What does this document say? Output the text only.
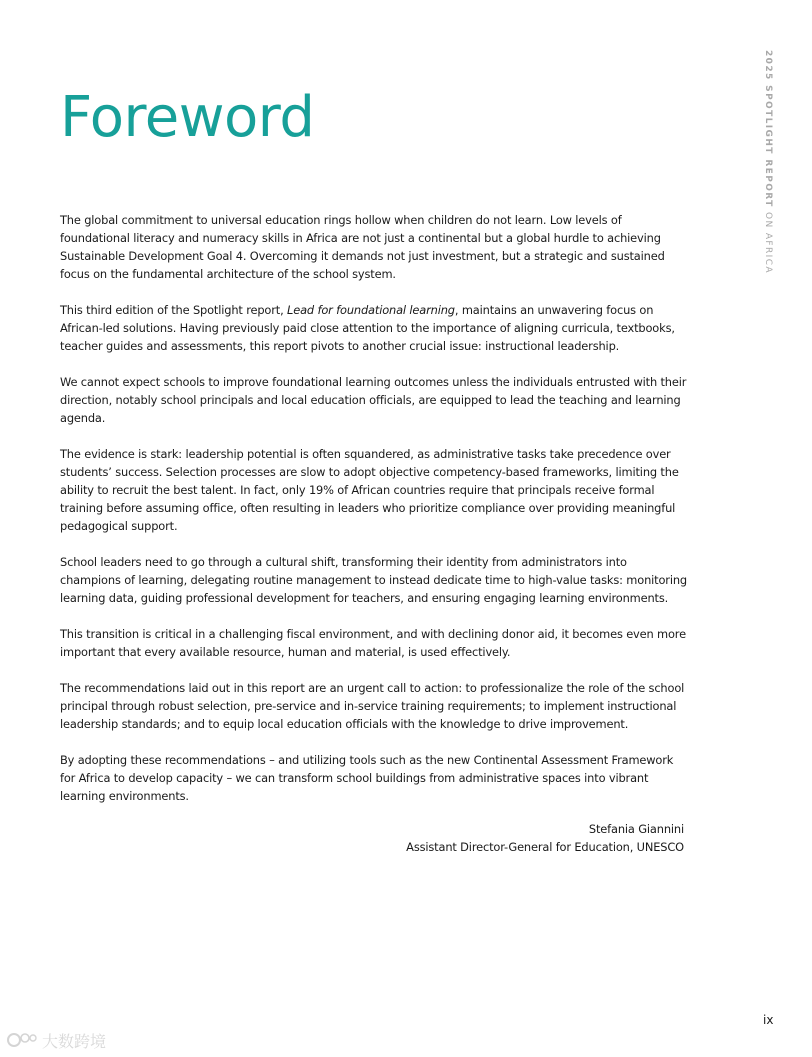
Foreword	2025 SPOTLIGHT REPORT ON AFRICA

The global commitment to universal education rings hollow when children do not learn. Low levels of foundational literacy and numeracy skills in Africa are not just a continental but a global hurdle to achieving Sustainable Development Goal 4. Overcoming it demands not just investment, but a strategic and sustained focus on the fundamental architecture of the school system.

This third edition of the Spotlight report, Lead for foundational learning, maintains an unwavering focus on African-led solutions. Having previously paid close attention to the importance of aligning curricula, textbooks, teacher guides and assessments, this report pivots to another crucial issue: instructional leadership.

We cannot expect schools to improve foundational learning outcomes unless the individuals entrusted with their direction, notably school principals and local education officials, are equipped to lead the teaching and learning agenda.

The evidence is stark: leadership potential is often squandered, as administrative tasks take precedence over students’ success. Selection processes are slow to adopt objective competency-based frameworks, limiting the ability to recruit the best talent. In fact, only 19% of African countries require that principals receive formal training before assuming office, often resulting in leaders who prioritize compliance over providing meaningful pedagogical support.

School leaders need to go through a cultural shift, transforming their identity from administrators into champions of learning, delegating routine management to instead dedicate time to high-value tasks: monitoring learning data, guiding professional development for teachers, and ensuring engaging learning environments.

This transition is critical in a challenging fiscal environment, and with declining donor aid, it becomes even more important that every available resource, human and material, is used effectively.

The recommendations laid out in this report are an urgent call to action: to professionalize the role of the school principal through robust selection, pre-service and in-service training requirements; to implement instructional leadership standards; and to equip local education officials with the knowledge to drive improvement.

By adopting these recommendations – and utilizing tools such as the new Continental Assessment Framework for Africa to develop capacity – we can transform school buildings from administrative spaces into vibrant learning environments.

Stefania Giannini
Assistant Director-General for Education, UNESCO
ix
大数跨境
